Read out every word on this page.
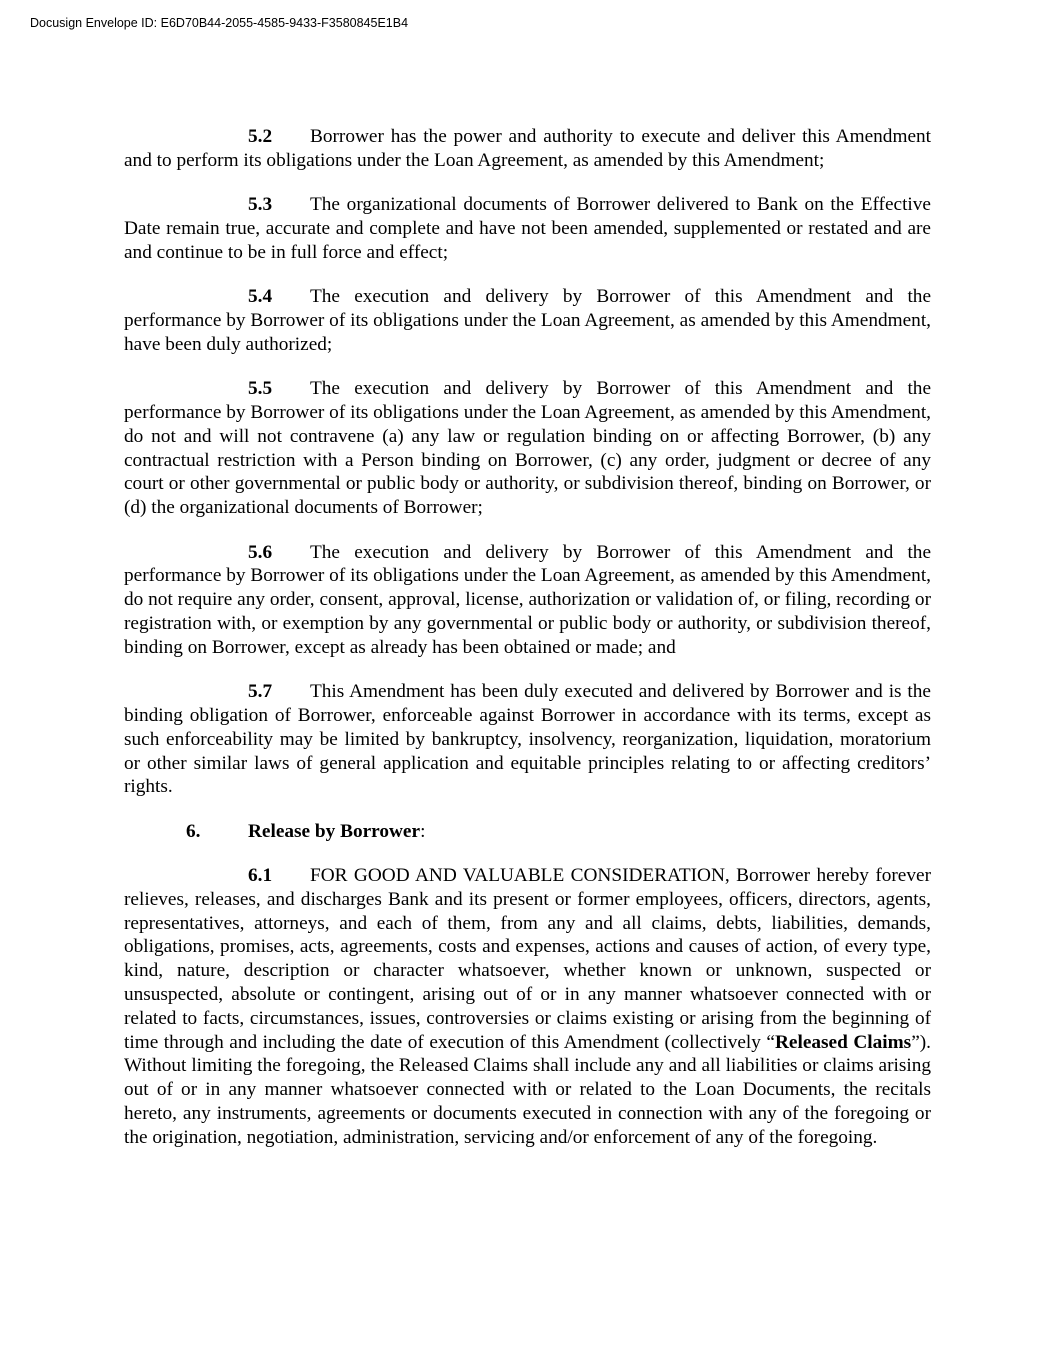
Docusign Envelope ID: E6D70B44-2055-4585-9433-F3580845E1B4

5.2 Borrower has the power and authority to execute and deliver this Amendment and to perform its obligations under the Loan Agreement, as amended by this Amendment;

5.3 The organizational documents of Borrower delivered to Bank on the Effective Date remain true, accurate and complete and have not been amended, supplemented or restated and are and continue to be in full force and effect;

5.4 The execution and delivery by Borrower of this Amendment and the performance by Borrower of its obligations under the Loan Agreement, as amended by this Amendment, have been duly authorized;

5.5 The execution and delivery by Borrower of this Amendment and the performance by Borrower of its obligations under the Loan Agreement, as amended by this Amendment, do not and will not contravene (a) any law or regulation binding on or affecting Borrower, (b) any contractual restriction with a Person binding on Borrower, (c) any order, judgment or decree of any court or other governmental or public body or authority, or subdivision thereof, binding on Borrower, or (d) the organizational documents of Borrower;

5.6 The execution and delivery by Borrower of this Amendment and the performance by Borrower of its obligations under the Loan Agreement, as amended by this Amendment, do not require any order, consent, approval, license, authorization or validation of, or filing, recording or registration with, or exemption by any governmental or public body or authority, or subdivision thereof, binding on Borrower, except as already has been obtained or made; and

5.7 This Amendment has been duly executed and delivered by Borrower and is the binding obligation of Borrower, enforceable against Borrower in accordance with its terms, except as such enforceability may be limited by bankruptcy, insolvency, reorganization, liquidation, moratorium or other similar laws of general application and equitable principles relating to or affecting creditors’ rights.

6. Release by Borrower:

6.1 FOR GOOD AND VALUABLE CONSIDERATION, Borrower hereby forever relieves, releases, and discharges Bank and its present or former employees, officers, directors, agents, representatives, attorneys, and each of them, from any and all claims, debts, liabilities, demands, obligations, promises, acts, agreements, costs and expenses, actions and causes of action, of every type, kind, nature, description or character whatsoever, whether known or unknown, suspected or unsuspected, absolute or contingent, arising out of or in any manner whatsoever connected with or related to facts, circumstances, issues, controversies or claims existing or arising from the beginning of time through and including the date of execution of this Amendment (collectively “Released Claims”). Without limiting the foregoing, the Released Claims shall include any and all liabilities or claims arising out of or in any manner whatsoever connected with or related to the Loan Documents, the recitals hereto, any instruments, agreements or documents executed in connection with any of the foregoing or the origination, negotiation, administration, servicing and/or enforcement of any of the foregoing.
